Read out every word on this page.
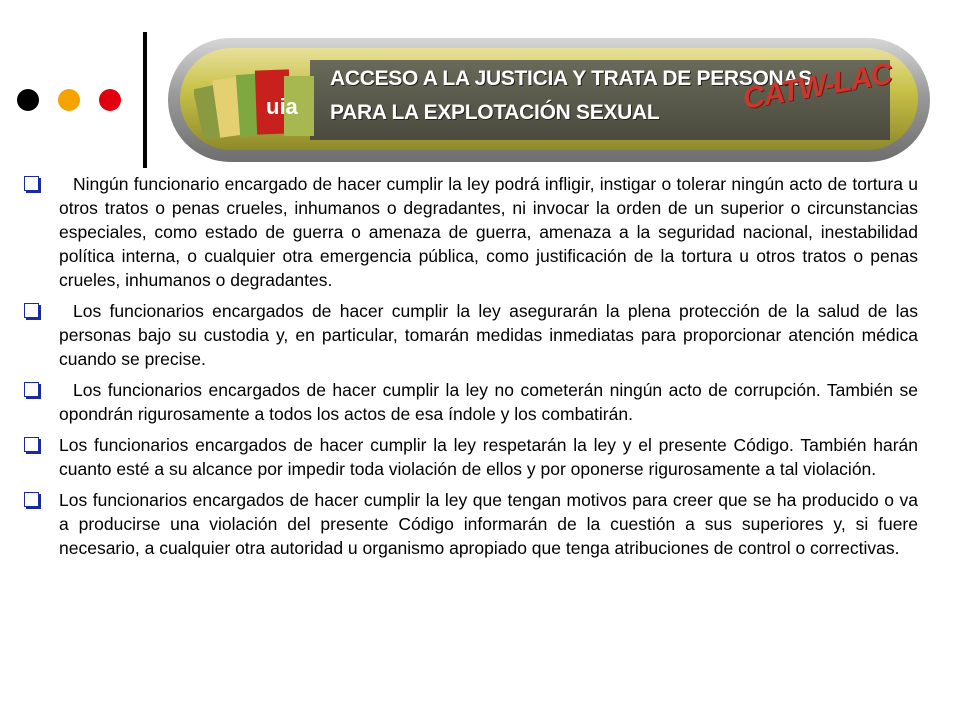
uia
ACCESO A LA JUSTICIA Y TRATA DE PERSONAS
PARA LA EXPLOTACIÓN SEXUAL	CATW-LAC
Ningún funcionario encargado de hacer cumplir la ley podrá infligir, instigar o tolerar ningún acto de tortura u otros tratos o penas crueles, inhumanos o degradantes, ni invocar la orden de un superior o circunstancias especiales, como estado de guerra o amenaza de guerra, amenaza a la seguridad nacional, inestabilidad política interna, o cualquier otra emergencia pública, como justificación de la tortura u otros tratos o penas crueles, inhumanos o degradantes.
Los funcionarios encargados de hacer cumplir la ley asegurarán la plena protección de la salud de las personas bajo su custodia y, en particular, tomarán medidas inmediatas para proporcionar atención médica cuando se precise.
Los funcionarios encargados de hacer cumplir la ley no cometerán ningún acto de corrupción. También se opondrán rigurosamente a todos los actos de esa índole y los combatirán.
Los funcionarios encargados de hacer cumplir la ley respetarán la ley y el presente Código. También harán cuanto esté a su alcance por impedir toda violación de ellos y por oponerse rigurosamente a tal violación.
Los funcionarios encargados de hacer cumplir la ley que tengan motivos para creer que se ha producido o va a producirse una violación del presente Código informarán de la cuestión a sus superiores y, si fuere necesario, a cualquier otra autoridad u organismo apropiado que tenga atribuciones de control o correctivas.
